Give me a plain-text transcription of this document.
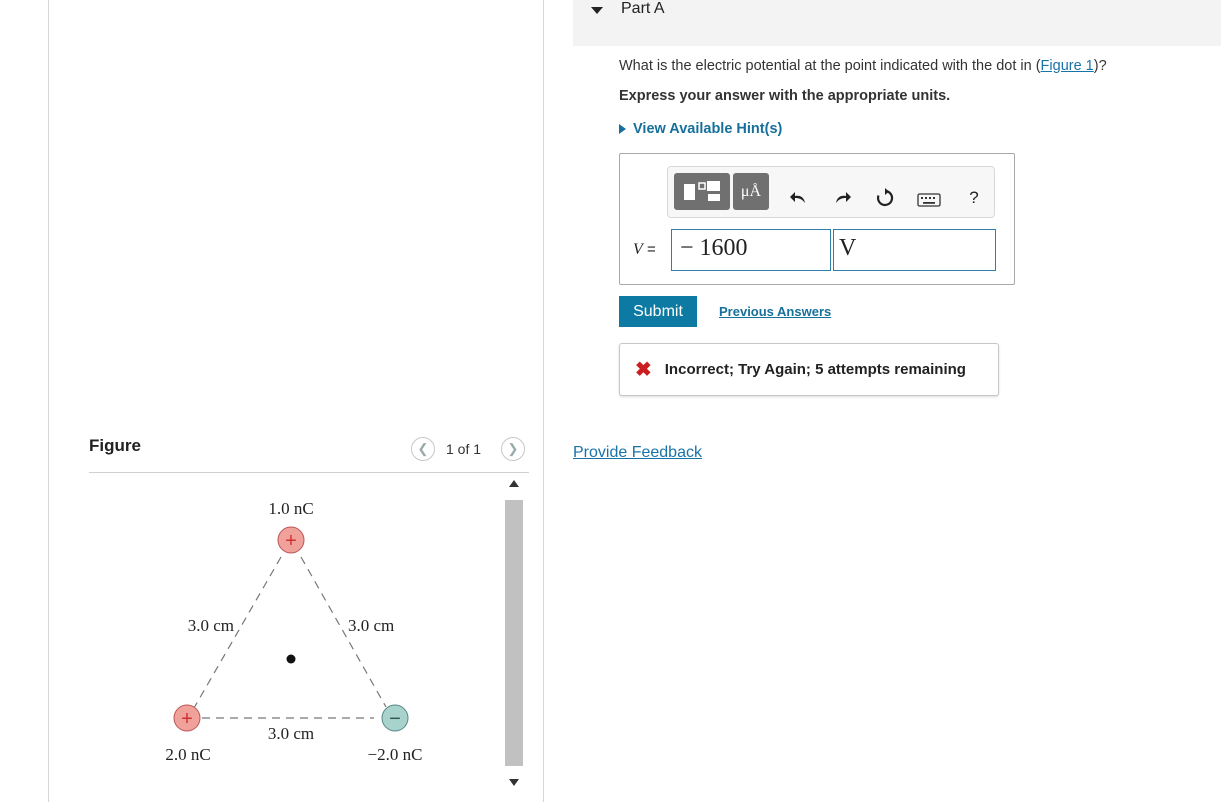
Figure	❮ 1 of 1 ❯
+
+	−
1.0 nC
3.0 cm	3.0 cm
3.0 cm
2.0 nC	−2.0 nC
Part A
What is the electric potential at the point indicated with the dot in (Figure 1)?
Express your answer with the appropriate units.
View Available Hint(s)
μÅ	?
V =	− 1600	V
Submit	Previous Answers
✖ Incorrect; Try Again; 5 attempts remaining
Provide Feedback
